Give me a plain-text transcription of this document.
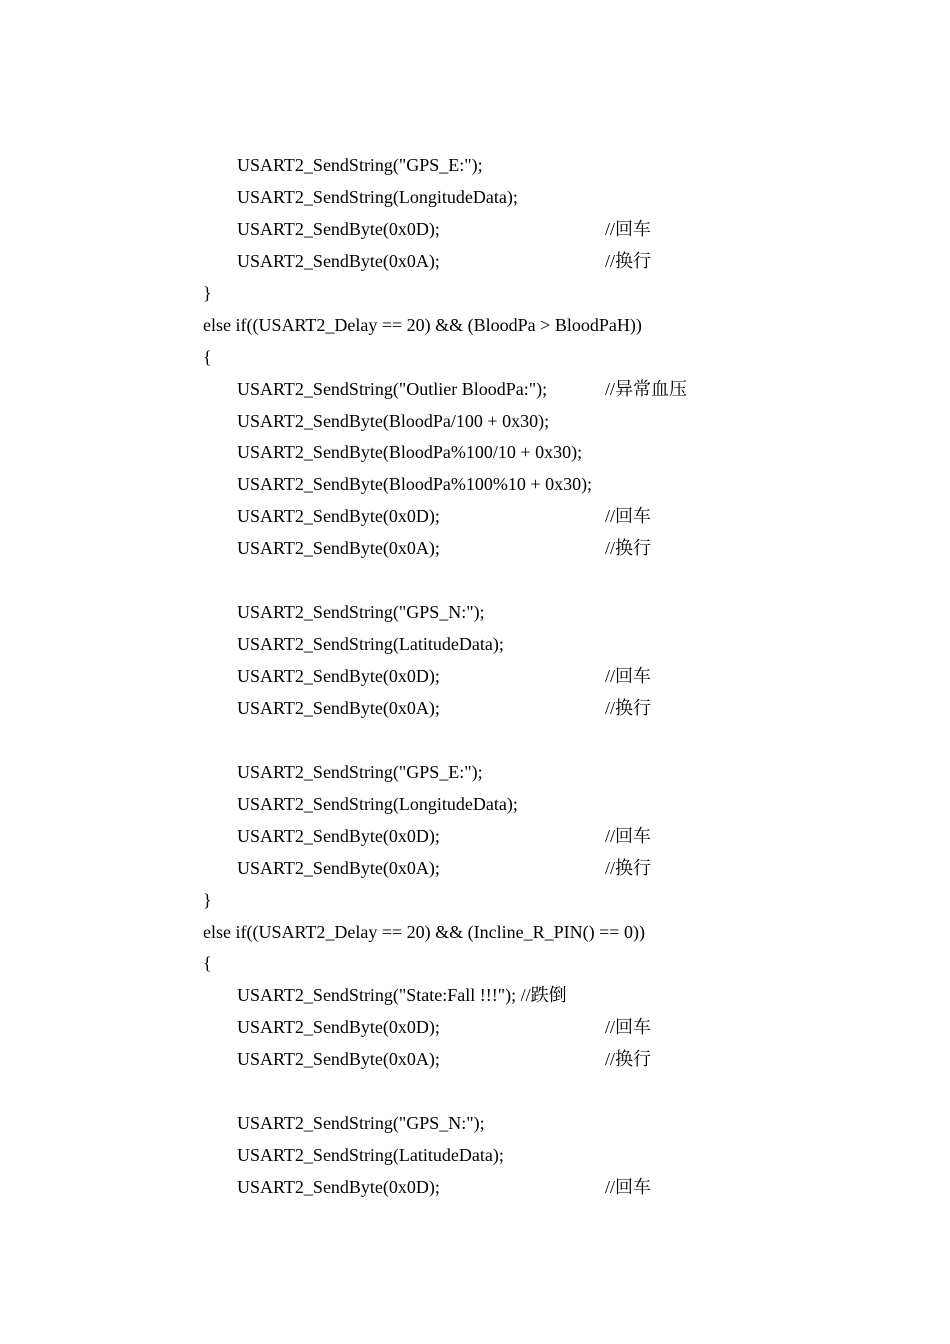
USART2_SendString("GPS_E:");
USART2_SendString(LongitudeData);
USART2_SendByte(0x0D);	//回车
USART2_SendByte(0x0A);	//换行
}
else if((USART2_Delay == 20) && (BloodPa > BloodPaH))
{
USART2_SendString("Outlier BloodPa:");	//异常血压
USART2_SendByte(BloodPa/100 + 0x30);
USART2_SendByte(BloodPa%100/10 + 0x30);
USART2_SendByte(BloodPa%100%10 + 0x30);
USART2_SendByte(0x0D);	//回车
USART2_SendByte(0x0A);	//换行
USART2_SendString("GPS_N:");
USART2_SendString(LatitudeData);
USART2_SendByte(0x0D);	//回车
USART2_SendByte(0x0A);	//换行
USART2_SendString("GPS_E:");
USART2_SendString(LongitudeData);
USART2_SendByte(0x0D);	//回车
USART2_SendByte(0x0A);	//换行
}
else if((USART2_Delay == 20) && (Incline_R_PIN() == 0))
{
USART2_SendString("State:Fall !!!"); //跌倒
USART2_SendByte(0x0D);	//回车
USART2_SendByte(0x0A);	//换行
USART2_SendString("GPS_N:");
USART2_SendString(LatitudeData);
USART2_SendByte(0x0D);	//回车
